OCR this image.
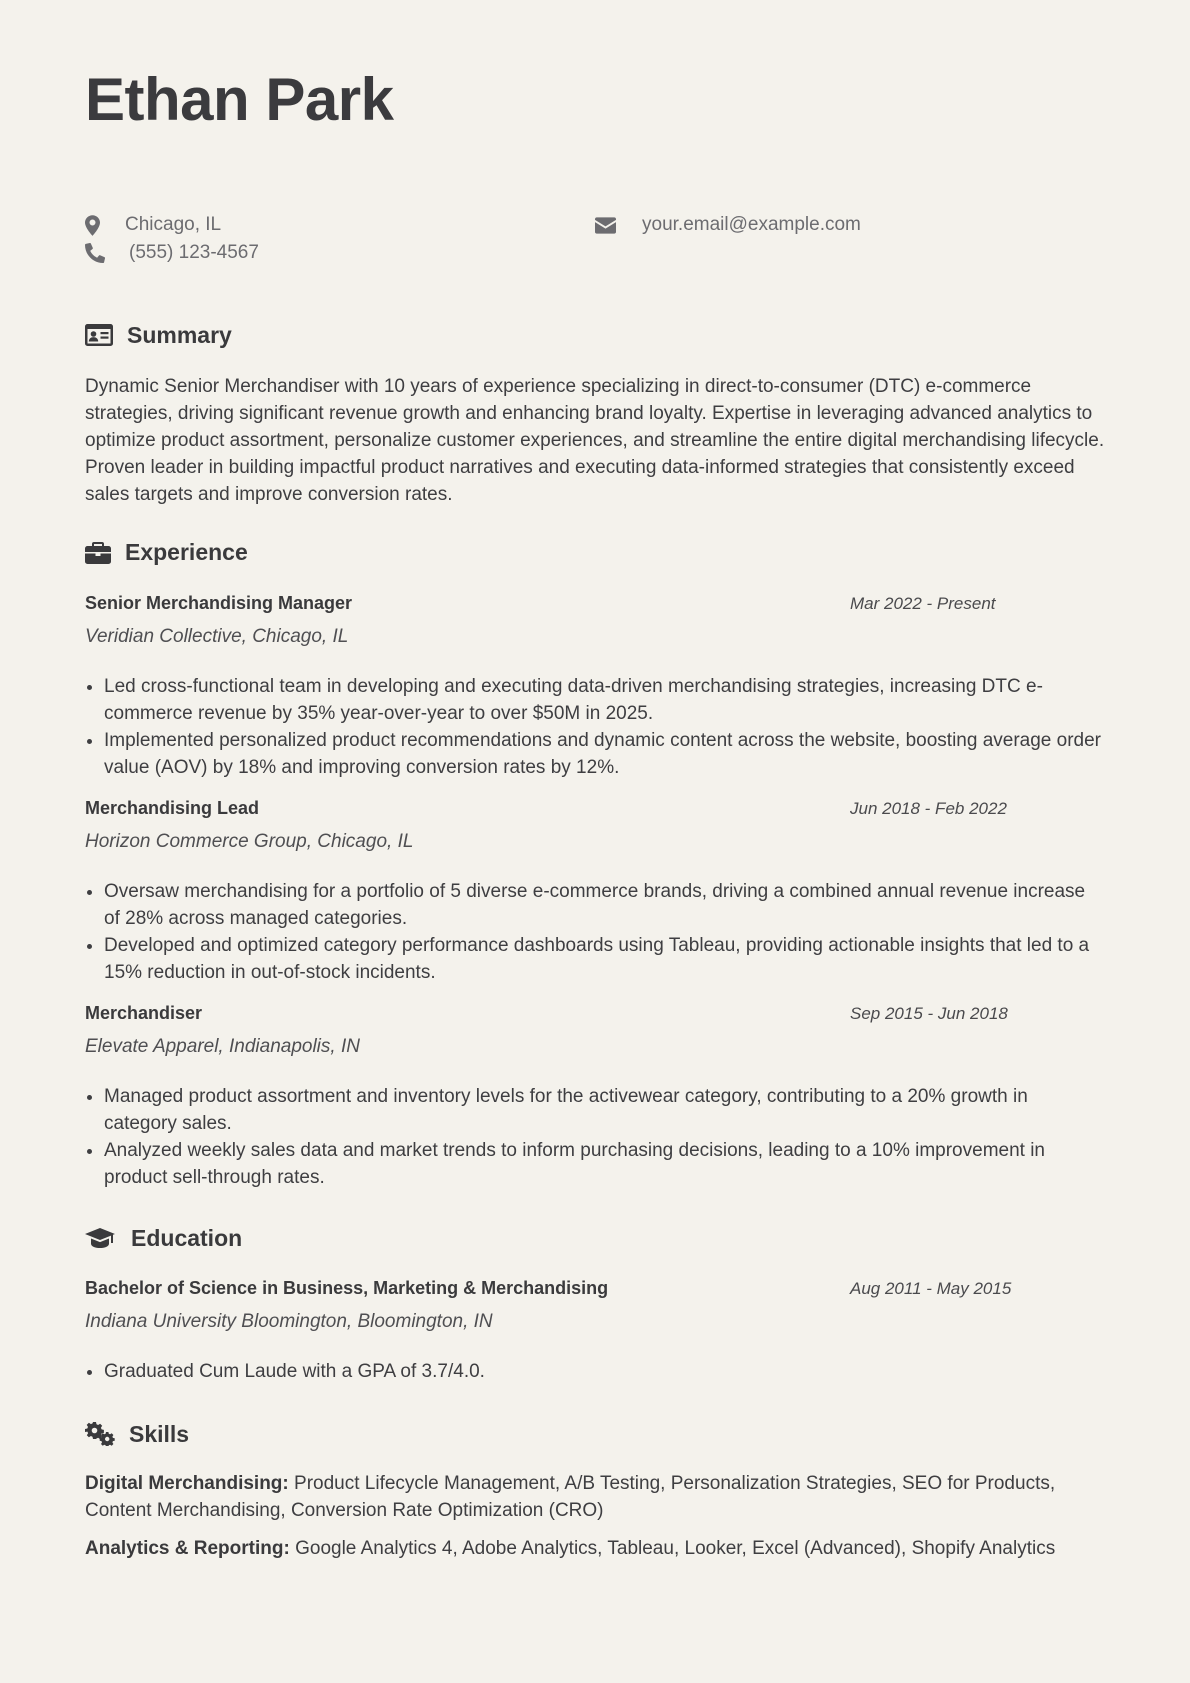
Ethan Park
Chicago, IL
(555) 123-4567
your.email@example.com
Summary

Dynamic Senior Merchandiser with 10 years of experience specializing in direct-to-consumer (DTC) e-commerce strategies, driving significant revenue growth and enhancing brand loyalty. Expertise in leveraging advanced analytics to optimize product assortment, personalize customer experiences, and streamline the entire digital merchandising lifecycle. Proven leader in building impactful product narratives and executing data-informed strategies that consistently exceed sales targets and improve conversion rates.

Experience
Senior Merchandising Manager	Mar 2022 - Present
Veridian Collective, Chicago, IL
Led cross-functional team in developing and executing data-driven merchandising strategies, increasing DTC e-commerce revenue by 35% year-over-year to over $50M in 2025.
Implemented personalized product recommendations and dynamic content across the website, boosting average order value (AOV) by 18% and improving conversion rates by 12%.
Merchandising Lead	Jun 2018 - Feb 2022
Horizon Commerce Group, Chicago, IL
Oversaw merchandising for a portfolio of 5 diverse e-commerce brands, driving a combined annual revenue increase of 28% across managed categories.
Developed and optimized category performance dashboards using Tableau, providing actionable insights that led to a 15% reduction in out-of-stock incidents.
Merchandiser	Sep 2015 - Jun 2018
Elevate Apparel, Indianapolis, IN
Managed product assortment and inventory levels for the activewear category, contributing to a 20% growth in category sales.
Analyzed weekly sales data and market trends to inform purchasing decisions, leading to a 10% improvement in product sell-through rates.
Education
Bachelor of Science in Business, Marketing & Merchandising	Aug 2011 - May 2015
Indiana University Bloomington, Bloomington, IN
Graduated Cum Laude with a GPA of 3.7/4.0.
Skills

Digital Merchandising: Product Lifecycle Management, A/B Testing, Personalization Strategies, SEO for Products, Content Merchandising, Conversion Rate Optimization (CRO)

Analytics & Reporting: Google Analytics 4, Adobe Analytics, Tableau, Looker, Excel (Advanced), Shopify Analytics
